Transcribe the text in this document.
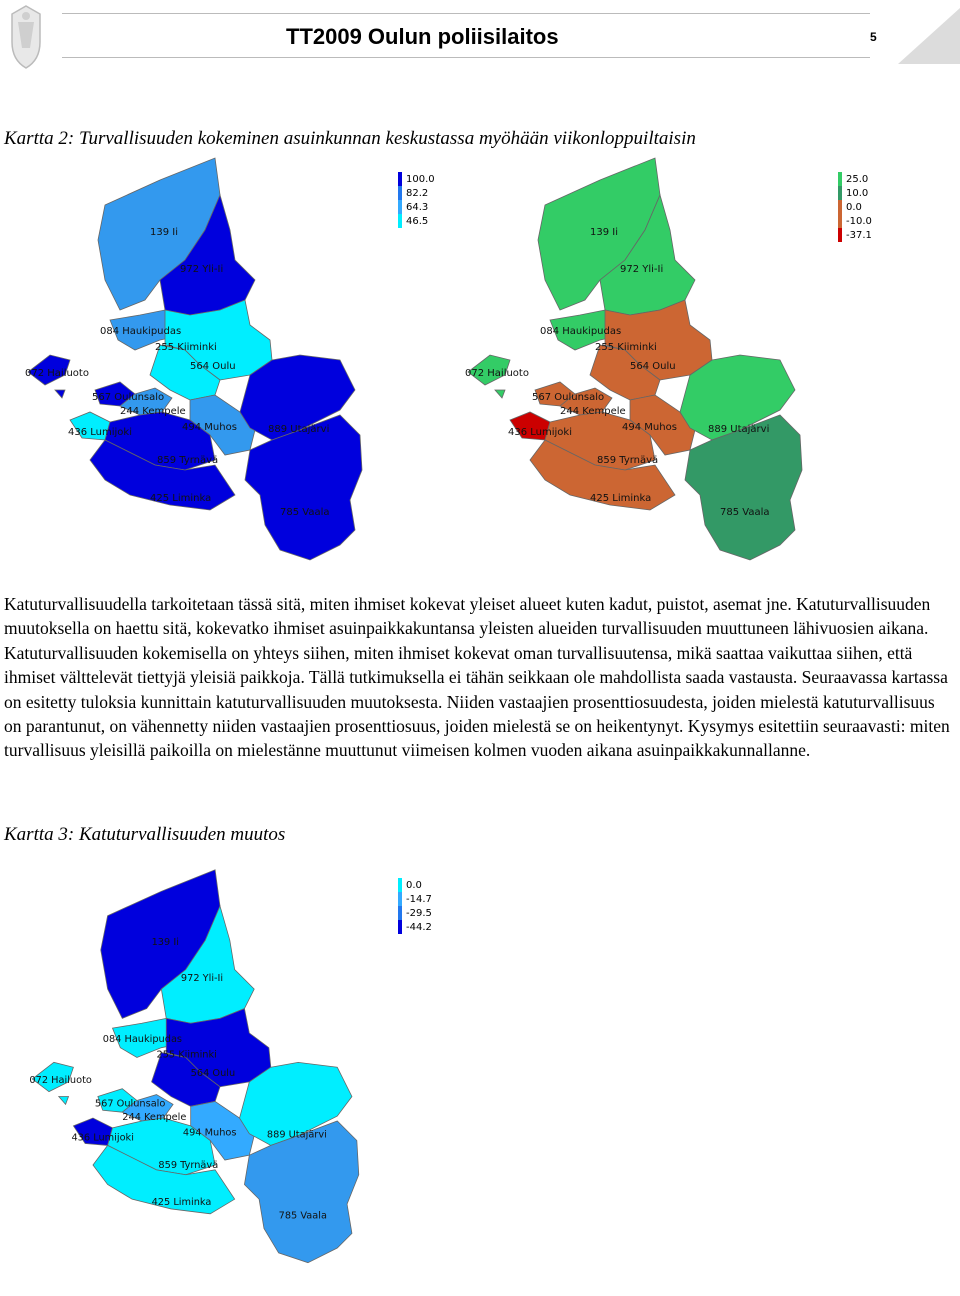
TT2009 Oulun poliisilaitos	5
Kartta 2: Turvallisuuden kokeminen asuinkunnan keskustassa myöhään viikonloppuiltaisin
139 Ii
972 Yli-Ii
084 Haukipudas
255 Kiiminki
072 Hailuoto
564 Oulu
567 Oulunsalo
244 Kempele
436 Lumijoki	494 Muhos	889 Utajärvi
859 Tyrnävä
425 Liminka
785 Vaala
100.0
82.2
64.3
46.5
139 Ii
972 Yli-Ii
084 Haukipudas
255 Kiiminki
072 Hailuoto
564 Oulu
567 Oulunsalo
244 Kempele
436 Lumijoki	494 Muhos	889 Utajärvi
859 Tyrnävä
425 Liminka
785 Vaala
25.0
10.0
0.0
-10.0
-37.1
Katuturvallisuudella tarkoitetaan tässä sitä, miten ihmiset kokevat yleiset alueet kuten kadut, puistot, asemat jne. Katuturvallisuuden muutoksella on haettu sitä, kokevatko ihmiset asuinpaikkakuntansa yleisten alueiden turvallisuuden muuttuneen lähivuosien aikana. Katuturvallisuuden kokemisella on yhteys siihen, miten ihmiset kokevat oman turvallisuutensa, mikä saattaa vaikuttaa siihen, että ihmiset välttelevät tiettyjä yleisiä paikkoja. Tällä tutkimuksella ei tähän seikkaan ole mahdollista saada vastausta. Seuraavassa kartassa on esitetty tuloksia kunnittain katuturvallisuuden muutoksesta. Niiden vastaajien prosenttiosuudesta, joiden mielestä katuturvallisuus on parantunut, on vähennetty niiden vastaajien prosenttiosuus, joiden mielestä se on heikentynyt. Kysymys esitettiin seuraavasti: miten turvallisuus yleisillä paikoilla on mielestänne muuttunut viimeisen kolmen vuoden aikana asuinpaikkakunnallanne.
Kartta 3: Katuturvallisuuden muutos
139 Ii
972 Yli-Ii
084 Haukipudas
255 Kiiminki
072 Hailuoto
564 Oulu
567 Oulunsalo
244 Kempele
436 Lumijoki	494 Muhos	889 Utajärvi
859 Tyrnävä
425 Liminka
785 Vaala
0.0
-14.7
-29.5
-44.2
